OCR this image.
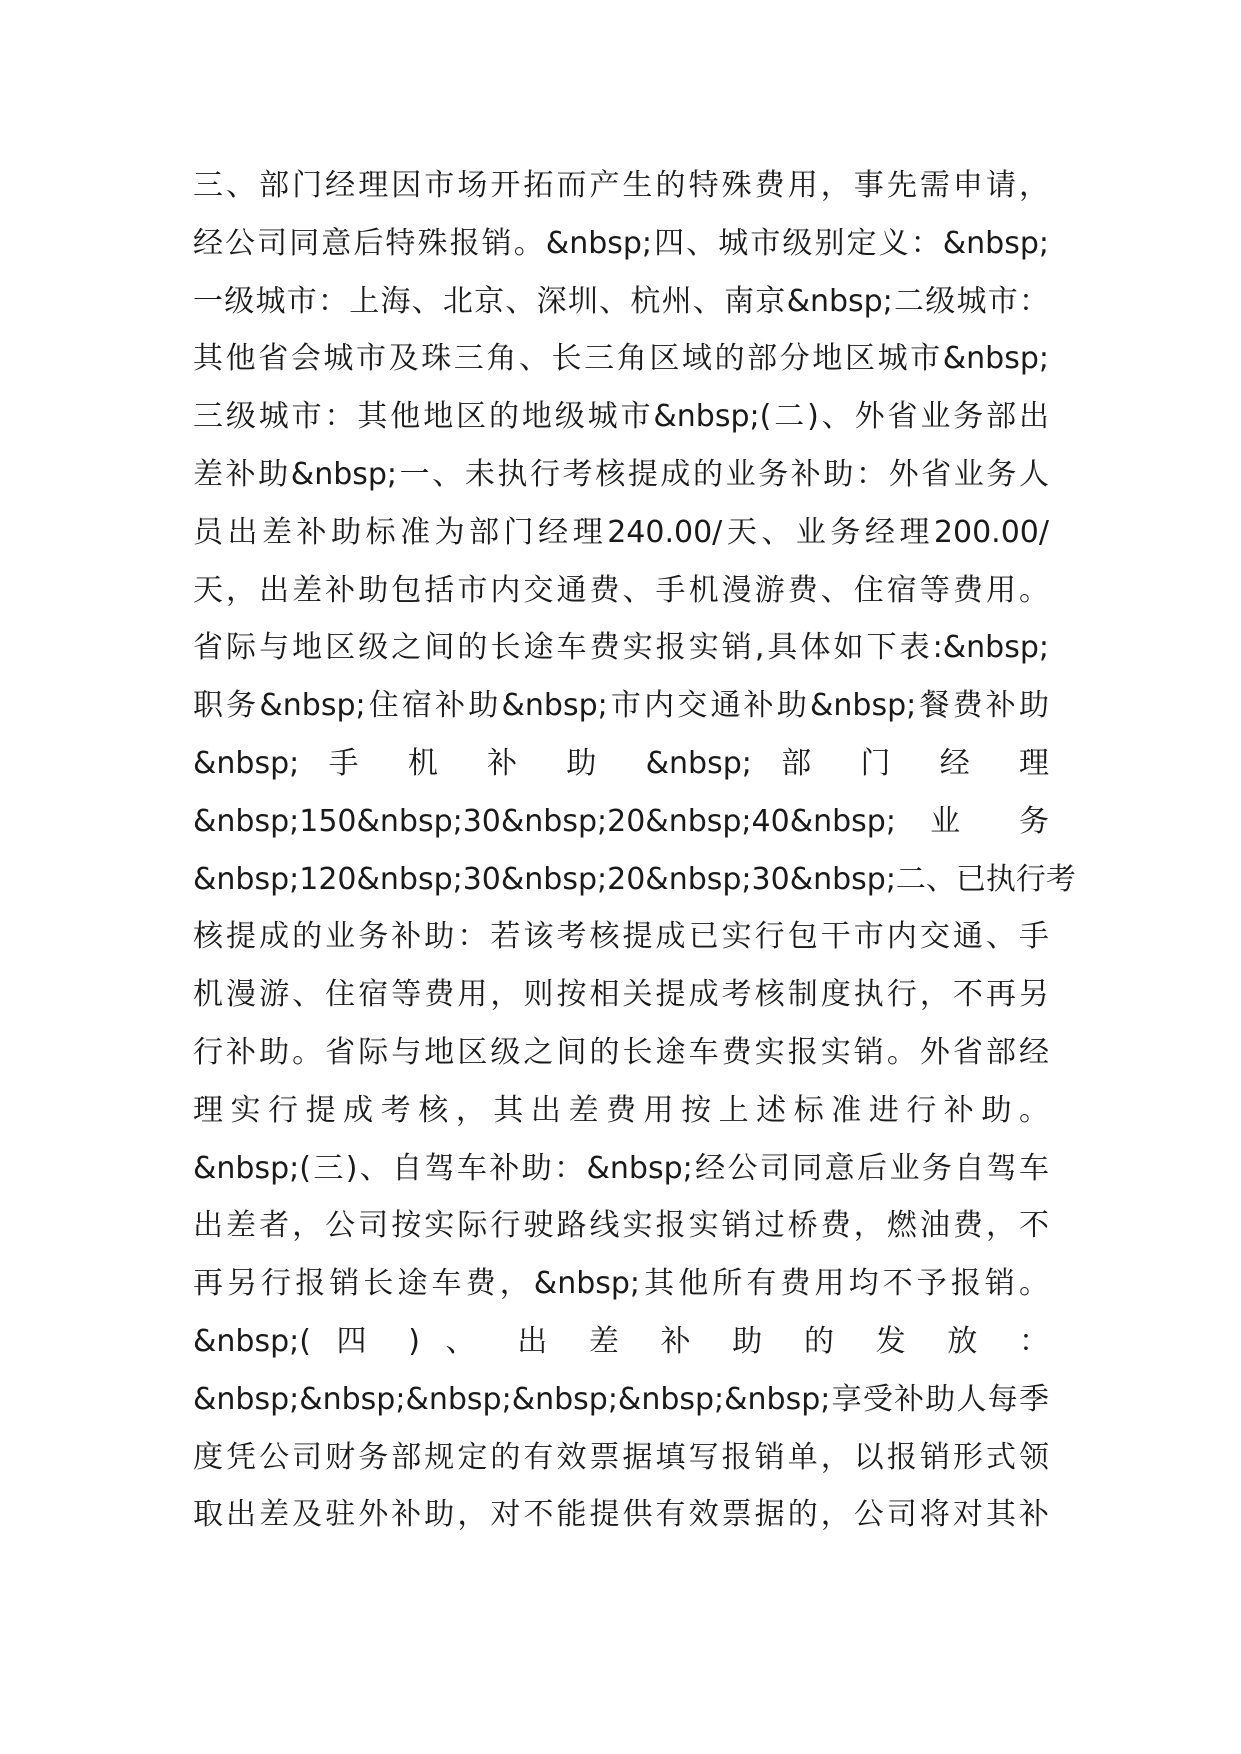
三、部门经理因市场开拓而产生的特殊费用，事先需申请，
经公司同意后特殊报销。&nbsp;四、城市级别定义：&nbsp;
一级城市：上海、北京、深圳、杭州、南京&nbsp;二级城市：
其他省会城市及珠三角、长三角区域的部分地区城市&nbsp;
三级城市：其他地区的地级城市&nbsp;(二)、外省业务部出
差补助&nbsp;一、未执行考核提成的业务补助：外省业务人
员出差补助标准为部门经理240.00/天、业务经理200.00/
天，出差补助包括市内交通费、手机漫游费、住宿等费用。
省际与地区级之间的长途车费实报实销,具体如下表:&nbsp;
职务&nbsp;住宿补助&nbsp;市内交通补助&nbsp;餐费补助
&nbsp; 手 机 补 助 &nbsp; 部 门 经 理
&nbsp;150&nbsp;30&nbsp;20&nbsp;40&nbsp; 业 务
&nbsp;120&nbsp;30&nbsp;20&nbsp;30&nbsp;二、已执行考
核提成的业务补助：若该考核提成已实行包干市内交通、手
机漫游、住宿等费用，则按相关提成考核制度执行，不再另
行补助。省际与地区级之间的长途车费实报实销。外省部经
理实行提成考核，其出差费用按上述标准进行补助。
&nbsp;(三)、自驾车补助：&nbsp;经公司同意后业务自驾车
出差者，公司按实际行驶路线实报实销过桥费，燃油费，不
再另行报销长途车费，&nbsp;其他所有费用均不予报销。
&nbsp;( 四 ) 、 出 差 补 助 的 发 放 ：
&nbsp;&nbsp;&nbsp;&nbsp;&nbsp;&nbsp;享受补助人每季
度凭公司财务部规定的有效票据填写报销单，以报销形式领
取出差及驻外补助，对不能提供有效票据的，公司将对其补
